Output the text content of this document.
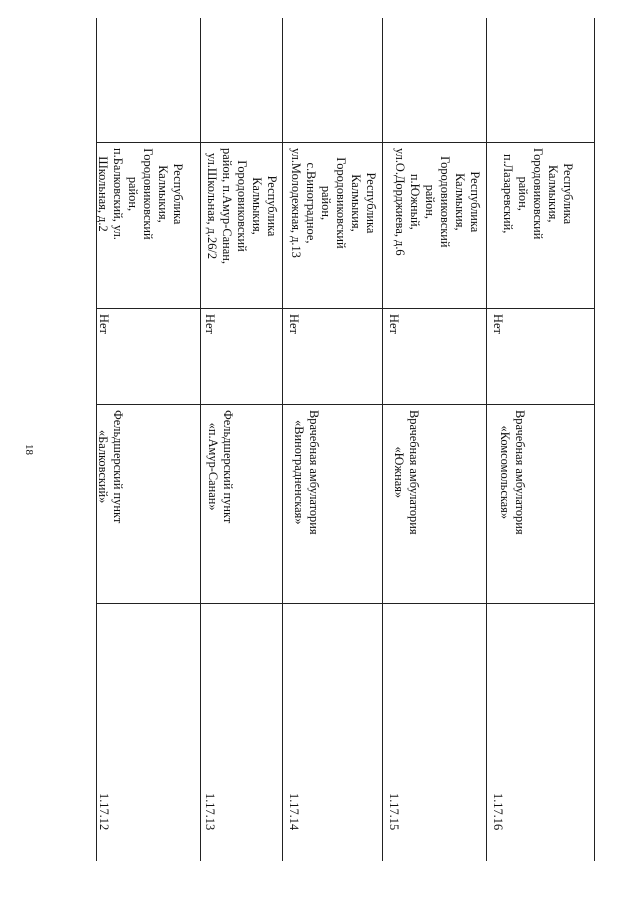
18
Республика
Калмыкия,
Городовиковский
район,
п.Балковский, ул.
Школьная, д.2
Нет
Фельдшерский пункт
«Балковский»
1.17.12
Республика
Калмыкия,
Городовиковский
район, п.Амур-Санан,
ул.Школьная, д.26/2
Нет
Фельдшерский пункт
«п.Амур-Санан»
1.17.13
Республика
Калмыкия,
Городовиковский
район,
с.Виноградное,
ул.Молодежная, д.13
Нет
Врачебная амбулатория
«Виноградненская»
1.17.14
Республика
Калмыкия,
Городовиковский
район,
п.Южный,
ул.О.Дорджиева, д.6
Нет
Врачебная амбулатория
«Южная»
1.17.15
Республика
Калмыкия,
Городовиковский
район,
п.Лазаревский,
Нет
Врачебная амбулатория
«Комсомольская»
1.17.16
